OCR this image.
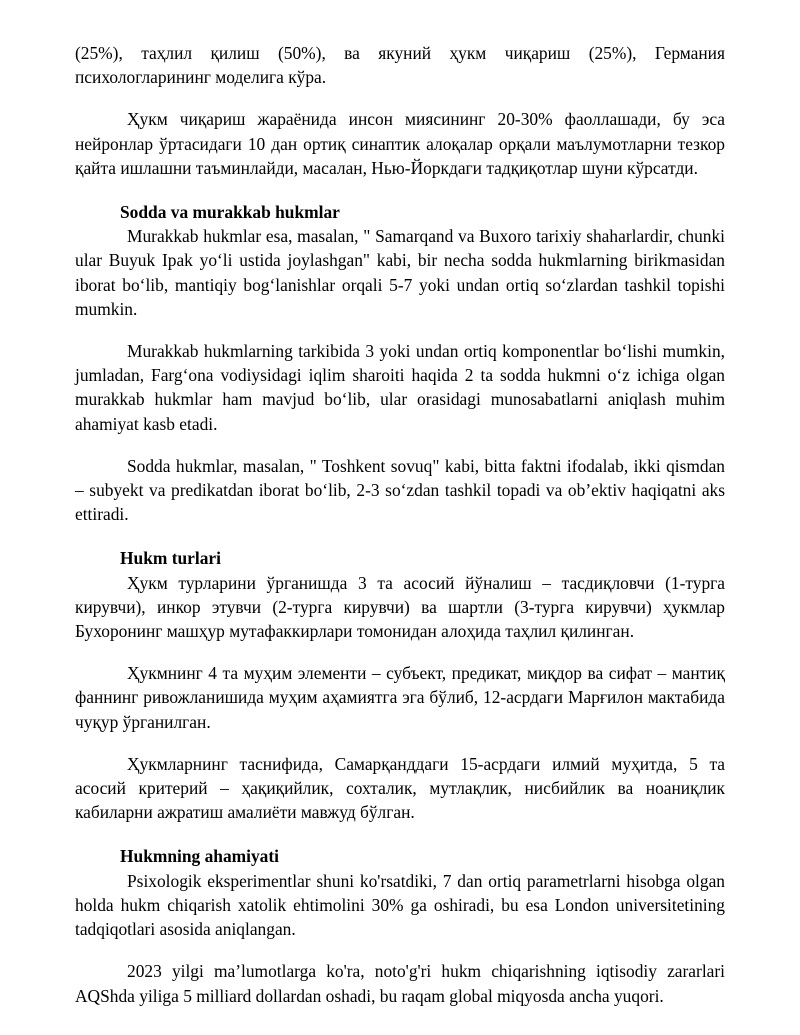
(25%), таҳлил қилиш (50%), ва якуний ҳукм чиқариш (25%), Германия психологларининг моделига кўра.

Ҳукм чиқариш жараёнида инсон миясининг 20-30% фаоллашади, бу эса нейронлар ўртасидаги 10 дан ортиқ синаптик алоқалар орқали маълумотларни тезкор қайта ишлашни таъминлайди, масалан, Нью-Йоркдаги тадқиқотлар шуни кўрсатди.

Sodda va murakkab hukmlar

Murakkab hukmlar esa, masalan, " Samarqand va Buxoro tarixiy shaharlardir, chunki ular Buyuk Ipak yo‘li ustida joylashgan" kabi, bir necha sodda hukmlarning birikmasidan iborat bo‘lib, mantiqiy bog‘lanishlar orqali 5-7 yoki undan ortiq so‘zlardan tashkil topishi mumkin.

Murakkab hukmlarning tarkibida 3 yoki undan ortiq komponentlar bo‘lishi mumkin, jumladan, Farg‘ona vodiysidagi iqlim sharoiti haqida 2 ta sodda hukmni o‘z ichiga olgan murakkab hukmlar ham mavjud bo‘lib, ular orasidagi munosabatlarni aniqlash muhim ahamiyat kasb etadi.

Sodda hukmlar, masalan, " Toshkent sovuq" kabi, bitta faktni ifodalab, ikki qismdan – subyekt va predikatdan iborat bo‘lib, 2-3 so‘zdan tashkil topadi va ob’ektiv haqiqatni aks ettiradi.

Hukm turlari

Ҳукм турларини ўрганишда 3 та асосий йўналиш – тасдиқловчи (1-турга кирувчи), инкор этувчи (2-турга кирувчи) ва шартли (3-турга кирувчи) ҳукмлар Бухоронинг машҳур мутафаккирлари томонидан алоҳида таҳлил қилинган.

Ҳукмнинг 4 та муҳим элементи – субъект, предикат, миқдор ва сифат – мантиқ фаннинг ривожланишида муҳим аҳамиятга эга бўлиб, 12-асрдаги Марғилон мактабида чуқур ўрганилган.

Ҳукмларнинг таснифида, Самарқанддаги 15-асрдаги илмий муҳитда, 5 та асосий критерий – ҳақиқийлик, сохталик, мутлақлик, нисбийлик ва ноаниқлик кабиларни ажратиш амалиёти мавжуд бўлган.

Hukmning ahamiyati

Psixologik eksperimentlar shuni ko'rsatdiki, 7 dan ortiq parametrlarni hisobga olgan holda hukm chiqarish xatolik ehtimolini 30% ga oshiradi, bu esa London universitetining tadqiqotlari asosida aniqlangan.

2023 yilgi ma’lumotlarga ko'ra, noto'g'ri hukm chiqarishning iqtisodiy zararlari AQShda yiliga 5 milliard dollardan oshadi, bu raqam global miqyosda ancha yuqori.
